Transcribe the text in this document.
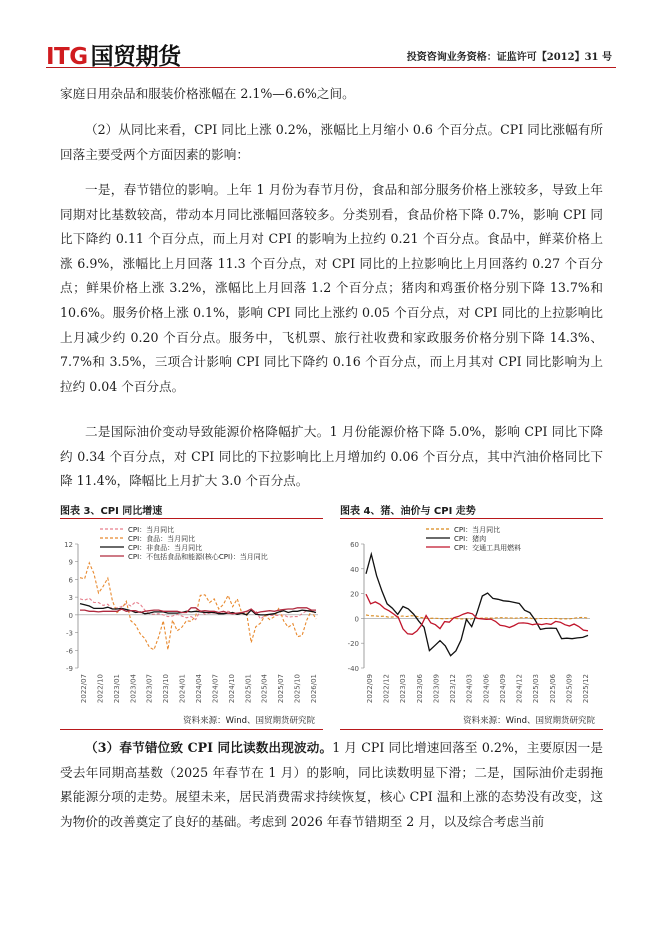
ITG 国贸期货	投资咨询业务资格：证监许可【2012】31 号

家庭日用杂品和服装价格涨幅在 2.1%—6.6%之间。

（2）从同比来看，CPI 同比上涨 0.2%，涨幅比上月缩小 0.6 个百分点。CPI 同比涨幅有所回落主要受两个方面因素的影响：

一是，春节错位的影响。上年 1 月份为春节月份，食品和部分服务价格上涨较多，导致上年同期对比基数较高，带动本月同比涨幅回落较多。分类别看，食品价格下降 0.7%，影响 CPI 同比下降约 0.11 个百分点，而上月对 CPI 的影响为上拉约 0.21 个百分点。食品中，鲜菜价格上涨 6.9%，涨幅比上月回落 11.3 个百分点，对 CPI 同比的上拉影响比上月回落约 0.27 个百分点；鲜果价格上涨 3.2%，涨幅比上月回落 1.2 个百分点；猪肉和鸡蛋价格分别下降 13.7%和 10.6%。服务价格上涨 0.1%，影响 CPI 同比上涨约 0.05 个百分点，对 CPI 同比的上拉影响比上月减少约 0.20 个百分点。服务中，飞机票、旅行社收费和家政服务价格分别下降 14.3%、7.7%和 3.5%，三项合计影响 CPI 同比下降约 0.16 个百分点，而上月其对 CPI 同比影响为上拉约 0.04 个百分点。

二是国际油价变动导致能源价格降幅扩大。1 月份能源价格下降 5.0%，影响 CPI 同比下降约 0.34 个百分点，对 CPI 同比的下拉影响比上月增加约 0.06 个百分点，其中汽油价格同比下降 11.4%，降幅比上月扩大 3.0 个百分点。

图表 3、CPI 同比增速
-9
-6
-3
0
3
6
9
12
2022/07 2022/10 2023/01 2023/04 2023/07 2023/10 2024/01 2024/04 2024/07 2024/10 2025/01 2025/04 2025/07 2025/10 2026/01
CPI：当月同比
CPI：食品：当月同比
CPI：非食品：当月同比
CPI：不包括食品和能源(核心CPI)：当月同比
资料来源：Wind、国贸期货研究院
图表 4、猪、油价与 CPI 走势
-40
-20
0
20
40
60
2022/09 2022/12 2023/03 2023/06 2023/09 2023/12 2024/03 2024/06 2024/09 2024/12 2025/03 2025/06 2025/09 2025/12
CPI：当月同比
CPI：猪肉
CPI：交通工具用燃料
资料来源：Wind、国贸期货研究院

（3）春节错位致 CPI 同比读数出现波动。1 月 CPI 同比增速回落至 0.2%，主要原因一是受去年同期高基数（2025 年春节在 1 月）的影响，同比读数明显下滑；二是，国际油价走弱拖累能源分项的走势。展望未来，居民消费需求持续恢复，核心 CPI 温和上涨的态势没有改变，这为物价的改善奠定了良好的基础。考虑到 2026 年春节错期至 2 月，以及综合考虑当前
